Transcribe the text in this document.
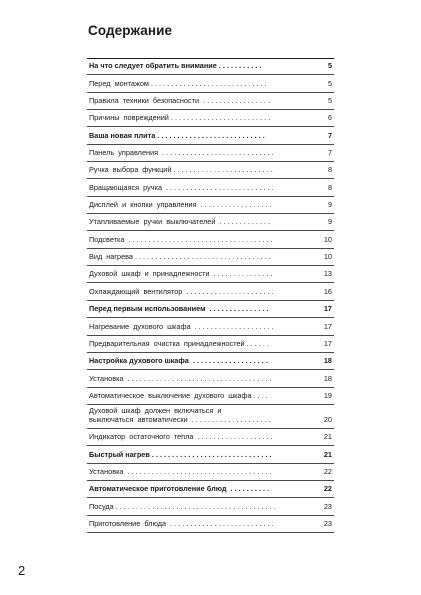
Содержание
На что следует обратить внимание . . . . . . . . . . .	5
Перед  монтажом . . . . . . . . . . . . . . . . . . . . . . . . . . . . .	5
Правила  техники  безопасности  . . . . . . . . . . . . . . . . .	5
Причины  повреждений . . . . . . . . . . . . . . . . . . . . . . . . .	6
Ваша новая плита . . . . . . . . . . . . . . . . . . . . . . . . . . .	7
Панель  управления  . . . . . . . . . . . . . . . . . . . . . . . . . . . .	7
Ручка  выбора  функций . . . . . . . . . . . . . . . . . . . . . . . . .	8
Вращающаяся  ручка  . . . . . . . . . . . . . . . . . . . . . . . . . . .	8
Дисплей  и  кнопки  управления  . . . . . . . . . . . . . . . . . .	9
Утапливаемые  ручки  выключателей  . . . . . . . . . . . . .	9
Подсветка  . . . . . . . . . . . . . . . . . . . . . . . . . . . . . . . . . . . .	10
Вид  нагрева . . . . . . . . . . . . . . . . . . . . . . . . . . . . . . . . . .	10
Духовой  шкаф  и  принадлежности  . . . . . . . . . . . . . . .	13
Охлаждающий  вентилятор  . . . . . . . . . . . . . . . . . . . . . .	16
Перед первым использованием  . . . . . . . . . . . . . . .	17
Нагревание  духового  шкафа  . . . . . . . . . . . . . . . . . . . .	17
Предварительная  очистка  принадлежностей . . . . . .	17
Настройка духового шкафа  . . . . . . . . . . . . . . . . . . .	18
Установка  . . . . . . . . . . . . . . . . . . . . . . . . . . . . . . . . . . . .	18
Автоматическое  выключение  духового  шкафа . . . .	19
Духовой  шкаф  должен  включаться  и
выключаться  автоматически  . . . . . . . . . . . . . . . . . . . .	20
Индикатор  остаточного  тепла  . . . . . . . . . . . . . . . . . . .	21
Быстрый нагрев . . . . . . . . . . . . . . . . . . . . . . . . . . . . . .	21
Установка  . . . . . . . . . . . . . . . . . . . . . . . . . . . . . . . . . . . .	22
Автоматическое приготовление блюд  . . . . . . . . . .	22
Посуда . . . . . . . . . . . . . . . . . . . . . . . . . . . . . . . . . . . . . . . .	23
Приготовление  блюда  . . . . . . . . . . . . . . . . . . . . . . . . . .	23

2
